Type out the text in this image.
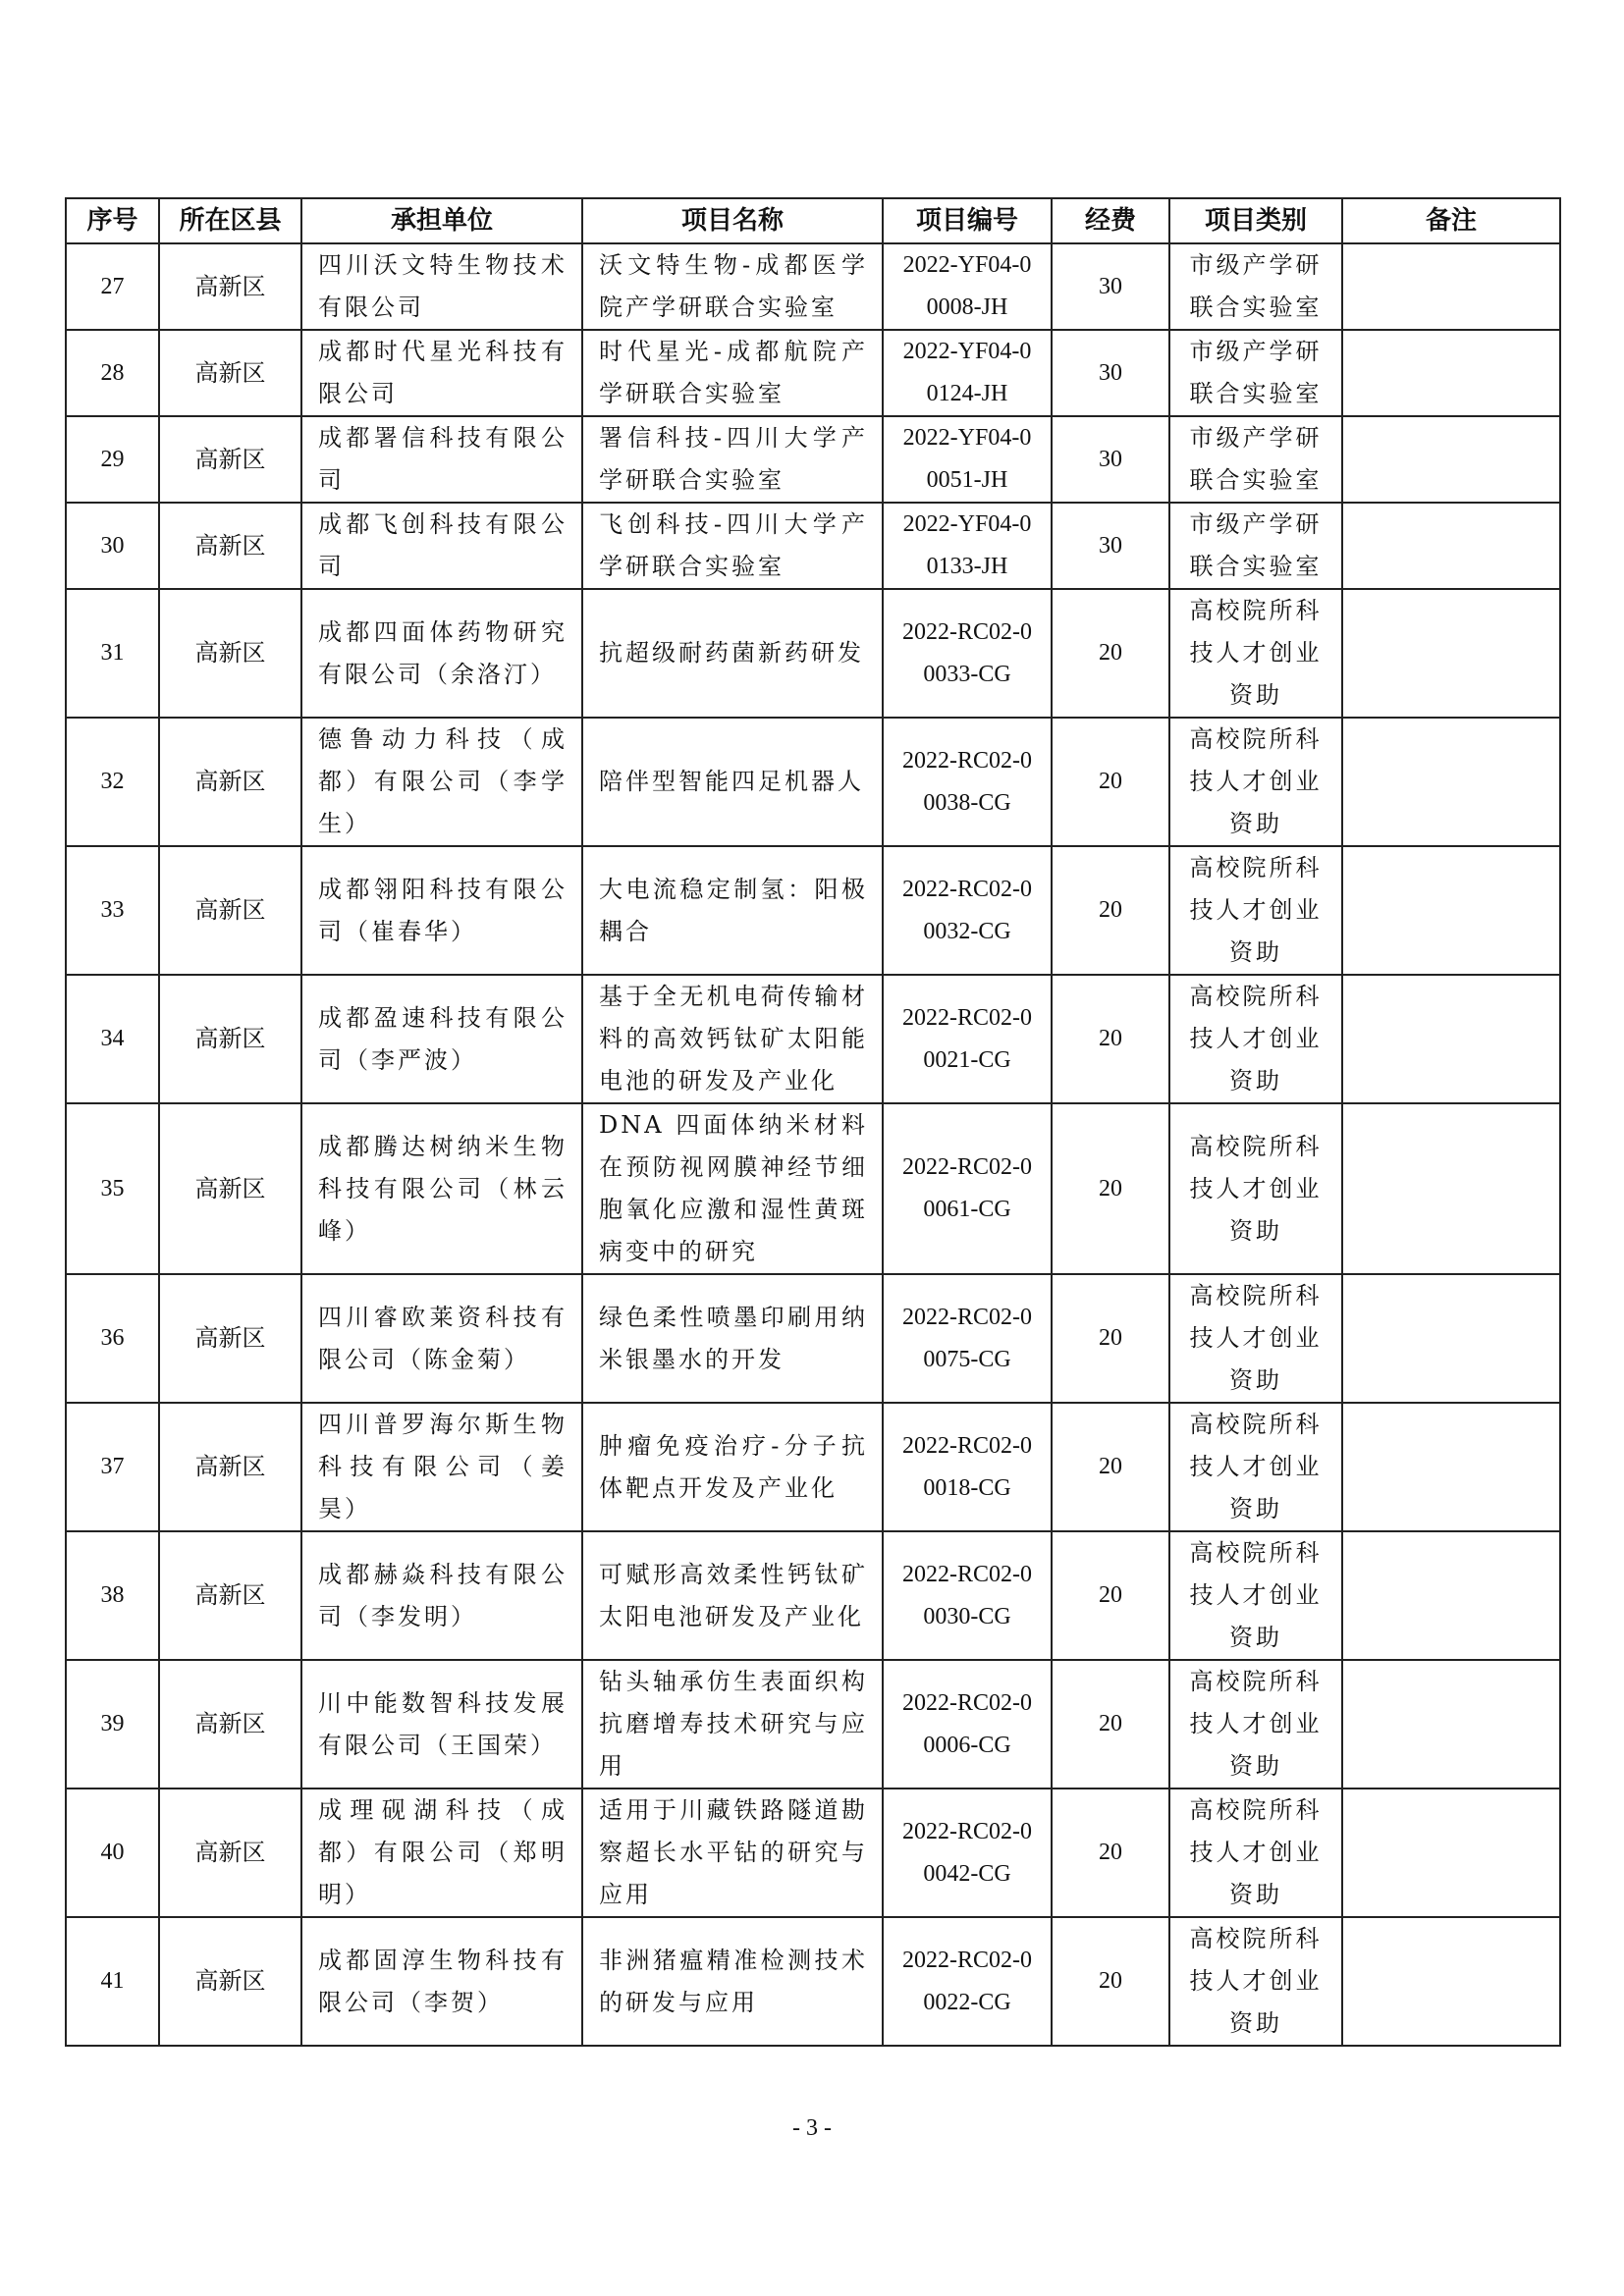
序号	所在区县	承担单位	项目名称	项目编号	经费	项目类别	备注
27	高新区	四川沃文特生物技术有限公司	沃文特生物-成都医学院产学研联合实验室	2022-YF04-00008-JH	30	市级产学研联合实验室	
28	高新区	成都时代星光科技有限公司	时代星光-成都航院产学研联合实验室	2022-YF04-00124-JH	30	市级产学研联合实验室	
29	高新区	成都署信科技有限公司	署信科技-四川大学产学研联合实验室	2022-YF04-00051-JH	30	市级产学研联合实验室	
30	高新区	成都飞创科技有限公司	飞创科技-四川大学产学研联合实验室	2022-YF04-00133-JH	30	市级产学研联合实验室	
31	高新区	成都四面体药物研究有限公司（余洛汀）	抗超级耐药菌新药研发	2022-RC02-00033-CG	20	高校院所科技人才创业资助	
32	高新区	德鲁动力科技（成都）有限公司（李学生）	陪伴型智能四足机器人	2022-RC02-00038-CG	20	高校院所科技人才创业资助	
33	高新区	成都翎阳科技有限公司（崔春华）	大电流稳定制氢：阳极耦合	2022-RC02-00032-CG	20	高校院所科技人才创业资助	
34	高新区	成都盈速科技有限公司（李严波）	基于全无机电荷传输材料的高效钙钛矿太阳能电池的研发及产业化	2022-RC02-00021-CG	20	高校院所科技人才创业资助	
35	高新区	成都腾达树纳米生物科技有限公司（林云峰）	DNA 四面体纳米材料在预防视网膜神经节细胞氧化应激和湿性黄斑病变中的研究	2022-RC02-00061-CG	20	高校院所科技人才创业资助	
36	高新区	四川睿欧莱资科技有限公司（陈金菊）	绿色柔性喷墨印刷用纳米银墨水的开发	2022-RC02-00075-CG	20	高校院所科技人才创业资助	
37	高新区	四川普罗海尔斯生物科技有限公司（姜昊）	肿瘤免疫治疗-分子抗体靶点开发及产业化	2022-RC02-00018-CG	20	高校院所科技人才创业资助	
38	高新区	成都赫焱科技有限公司（李发明）	可赋形高效柔性钙钛矿太阳电池研发及产业化	2022-RC02-00030-CG	20	高校院所科技人才创业资助	
39	高新区	川中能数智科技发展有限公司（王国荣）	钻头轴承仿生表面织构抗磨增寿技术研究与应用	2022-RC02-00006-CG	20	高校院所科技人才创业资助	
40	高新区	成理砚湖科技（成都）有限公司（郑明明）	适用于川藏铁路隧道勘察超长水平钻的研究与应用	2022-RC02-00042-CG	20	高校院所科技人才创业资助	
41	高新区	成都固淳生物科技有限公司（李贺）	非洲猪瘟精准检测技术的研发与应用	2022-RC02-00022-CG	20	高校院所科技人才创业资助	
- 3 -
